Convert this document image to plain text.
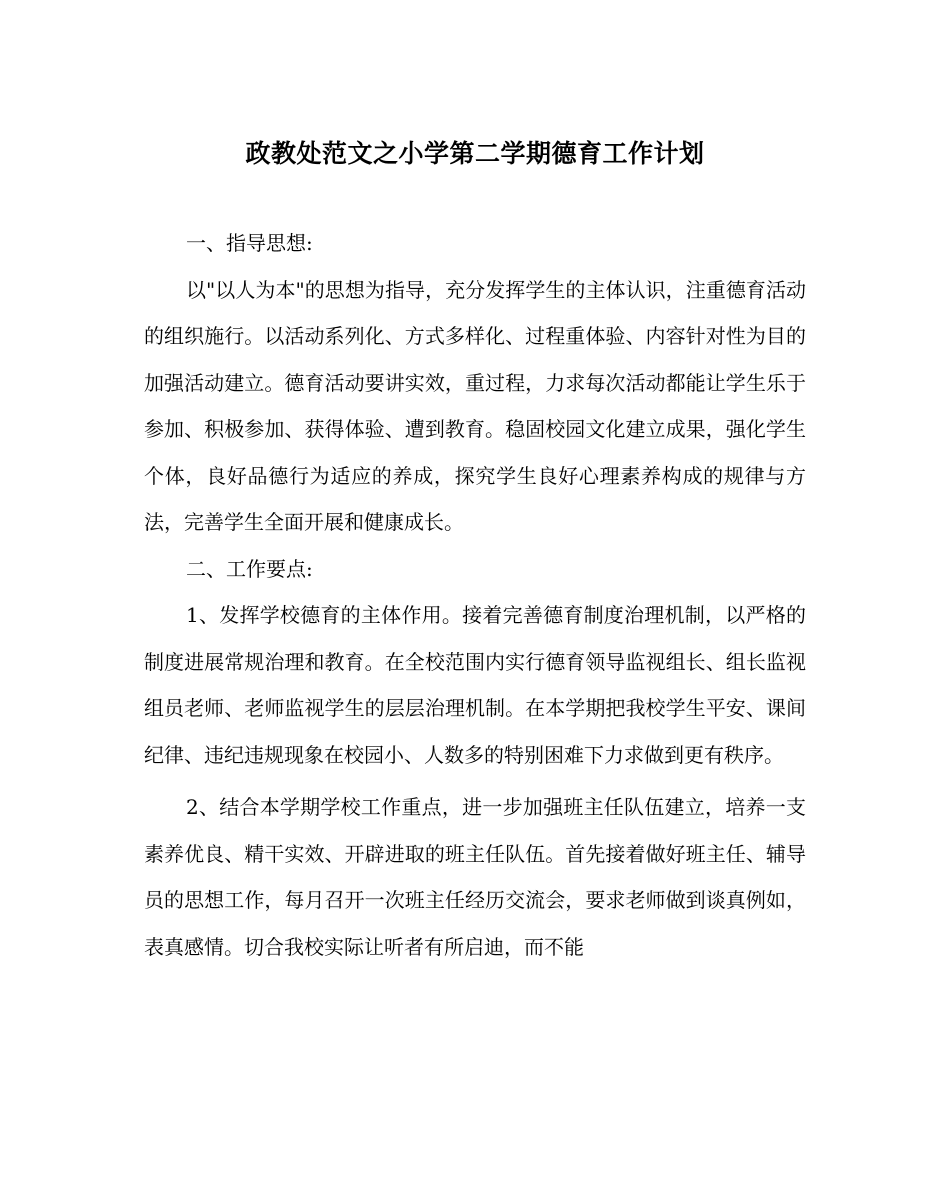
政教处范文之小学第二学期德育工作计划

一、指导思想:

以"以人为本"的思想为指导，充分发挥学生的主体认识，注重德育活动的组织施行。以活动系列化、方式多样化、过程重体验、内容针对性为目的加强活动建立。德育活动要讲实效，重过程，力求每次活动都能让学生乐于参加、积极参加、获得体验、遭到教育。稳固校园文化建立成果，强化学生个体，良好品德行为适应的养成，探究学生良好心理素养构成的规律与方法，完善学生全面开展和健康成长。

二、工作要点:

1、发挥学校德育的主体作用。接着完善德育制度治理机制，以严格的制度进展常规治理和教育。在全校范围内实行德育领导监视组长、组长监视组员老师、老师监视学生的层层治理机制。在本学期把我校学生平安、课间纪律、违纪违规现象在校园小、人数多的特别困难下力求做到更有秩序。

2、结合本学期学校工作重点，进一步加强班主任队伍建立，培养一支素养优良、精干实效、开辟进取的班主任队伍。首先接着做好班主任、辅导员的思想工作，每月召开一次班主任经历交流会，要求老师做到谈真例如，表真感情。切合我校实际让听者有所启迪，而不能
